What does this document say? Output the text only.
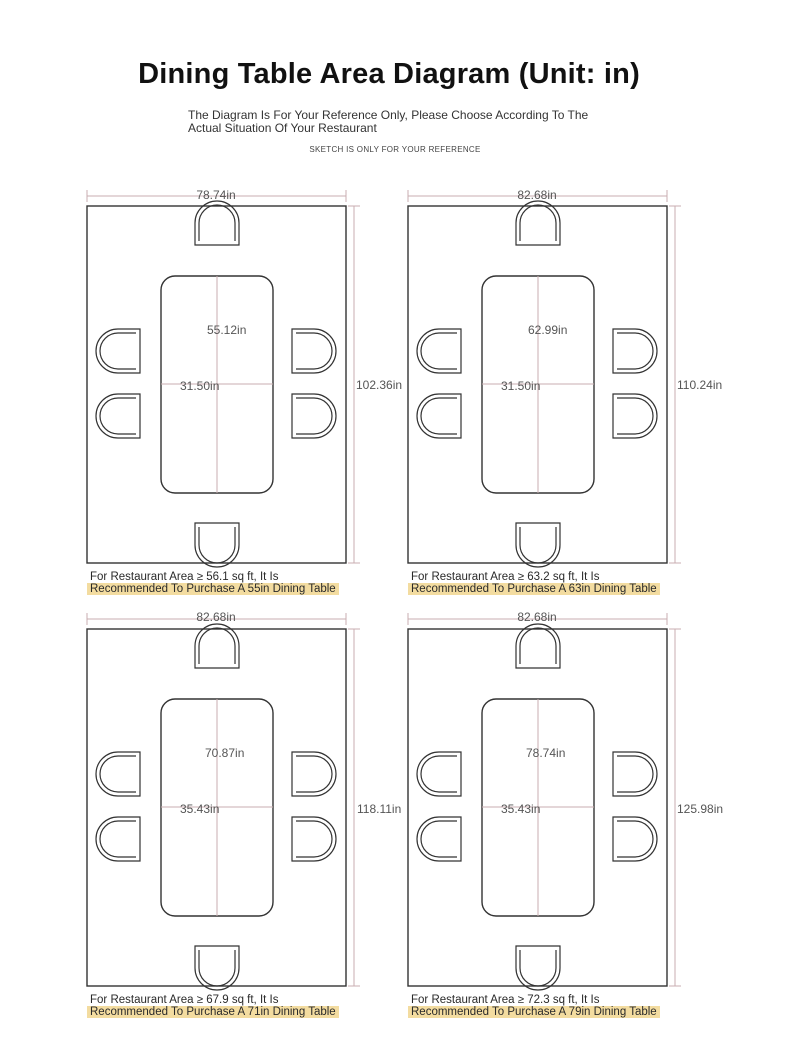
Dining Table Area Diagram (Unit: in)
The Diagram Is For Your Reference Only, Please Choose According To The Actual Situation Of Your Restaurant
SKETCH IS ONLY FOR YOUR REFERENCE
78.74in
102.36in
55.12in
31.50in
For Restaurant Area ≥ 56.1 sq ft, It Is
Recommended To Purchase A 55in Dining Table
82.68in
110.24in
62.99in
31.50in
For Restaurant Area ≥ 63.2 sq ft, It Is
Recommended To Purchase A 63in Dining Table
82.68in
118.11in
70.87in
35.43in
For Restaurant Area ≥ 67.9 sq ft, It Is
Recommended To Purchase A 71in Dining Table
82.68in
125.98in
78.74in
35.43in
For Restaurant Area ≥ 72.3 sq ft, It Is
Recommended To Purchase A 79in Dining Table
